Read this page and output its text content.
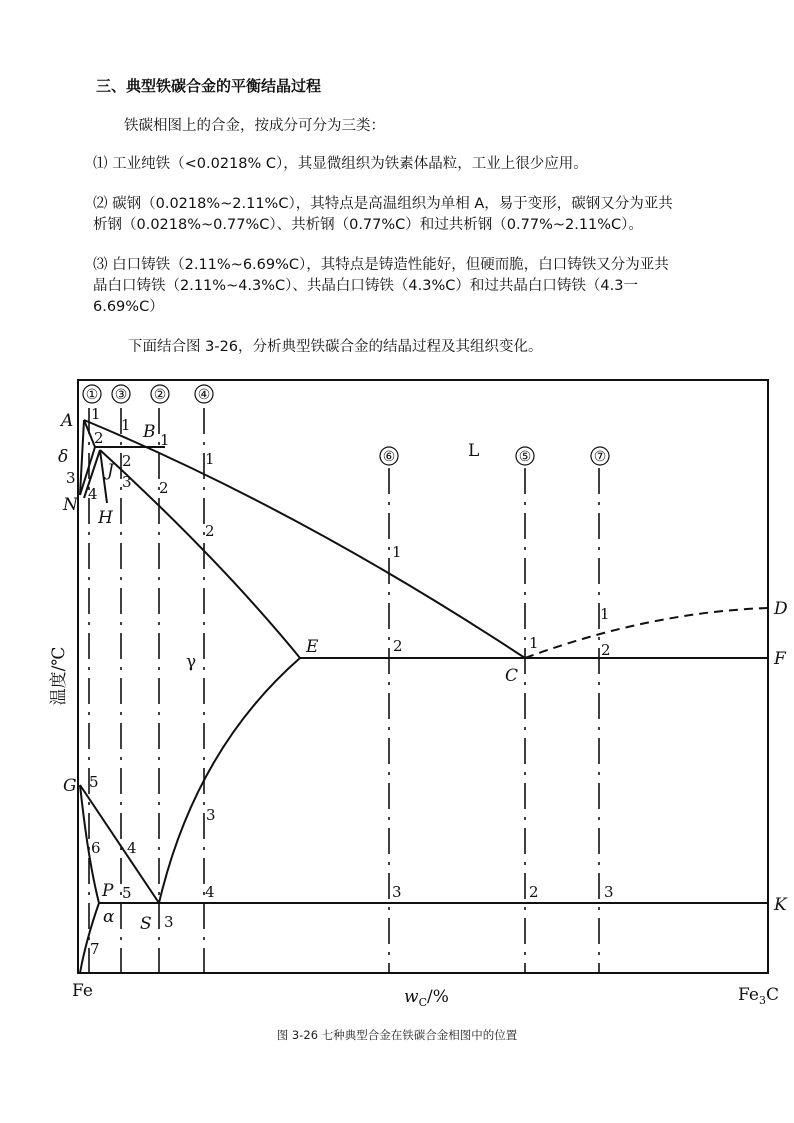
三、典型铁碳合金的平衡结晶过程
铁碳相图上的合金，按成分可分为三类：
⑴ 工业纯铁（<0.0218% C），其显微组织为铁素体晶粒，工业上很少应用。
⑵ 碳钢（0.0218%~2.11%C），其特点是高温组织为单相 A，易于变形，碳钢又分为亚共
析钢（0.0218%~0.77%C）、共析钢（0.77%C）和过共析钢（0.77%~2.11%C）。
⑶ 白口铸铁（2.11%~6.69%C），其特点是铸造性能好，但硬而脆，白口铸铁又分为亚共
晶白口铸铁（2.11%~4.3%C）、共晶白口铸铁（4.3%C）和过共晶白口铸铁（4.3一
6.69%C）
下面结合图 3-26，分析典型铁碳合金的结晶过程及其组织变化。
温度/℃
Fe	$w_C/\%$	$Fe_3C$
L
γ
α
δ
A
B
J
H
N
E
C
D
F
G
P
S
K
① ③ ② ④
⑥	⑤	⑦
1
2
3
4
5
6
7
1
2
3
4
5
1
2
3
1
2
3
4
1
2
3
1
2
1
2
3
图 3-26 七种典型合金在铁碳合金相图中的位置
